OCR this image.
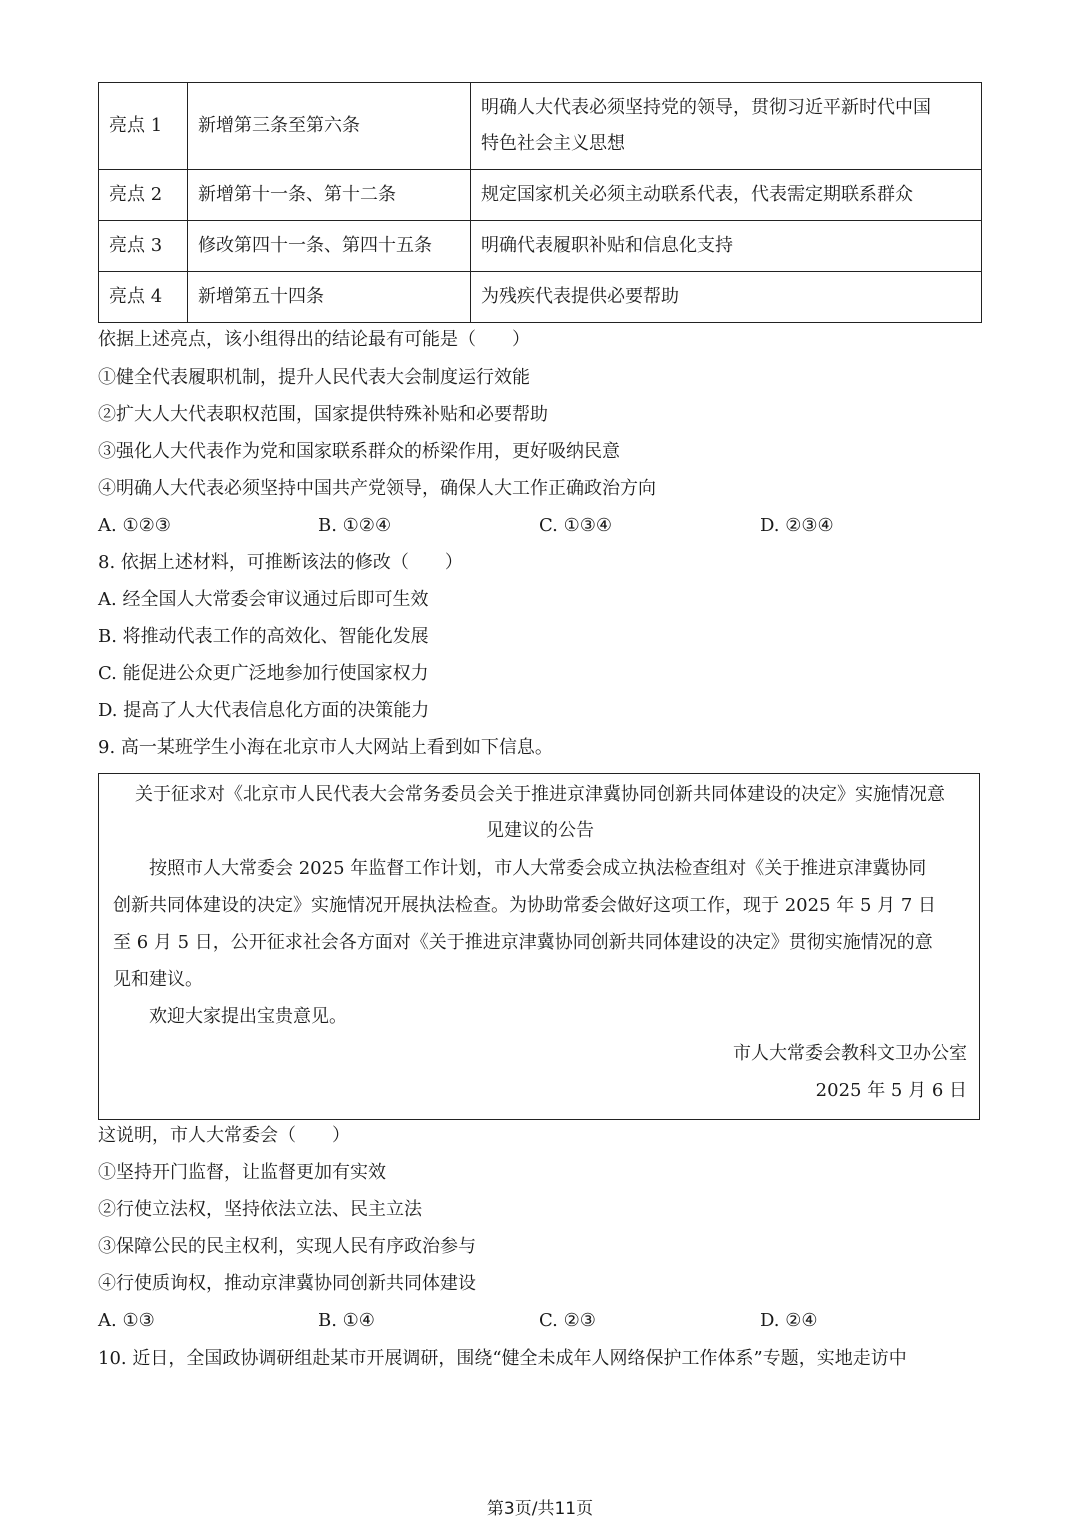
亮点 1	新增第三条至第六条	明确人大代表必须坚持党的领导，贯彻习近平新时代中国
特色社会主义思想

亮点 2	新增第十一条、第十二条	规定国家机关必须主动联系代表，代表需定期联系群众
亮点 3	修改第四十一条、第四十五条	明确代表履职补贴和信息化支持
亮点 4	新增第五十四条	为残疾代表提供必要帮助
依据上述亮点，该小组得出的结论最有可能是（　　）
①健全代表履职机制，提升人民代表大会制度运行效能
②扩大人大代表职权范围，国家提供特殊补贴和必要帮助
③强化人大代表作为党和国家联系群众的桥梁作用，更好吸纳民意
④明确人大代表必须坚持中国共产党领导，确保人大工作正确政治方向
A. ①②③	B. ①②④	C. ①③④	D. ②③④
8. 依据上述材料，可推断该法的修改（　　）
A. 经全国人大常委会审议通过后即可生效
B. 将推动代表工作的高效化、智能化发展
C. 能促进公众更广泛地参加行使国家权力
D. 提高了人大代表信息化方面的决策能力
9. 高一某班学生小海在北京市人大网站上看到如下信息。
关于征求对《北京市人民代表大会常务委员会关于推进京津冀协同创新共同体建设的决定》实施情况意
见建议的公告
　　按照市人大常委会 2025 年监督工作计划，市人大常委会成立执法检查组对《关于推进京津冀协同
创新共同体建设的决定》实施情况开展执法检查。为协助常委会做好这项工作，现于 2025 年 5 月 7 日
至 6 月 5 日，公开征求社会各方面对《关于推进京津冀协同创新共同体建设的决定》贯彻实施情况的意
见和建议。
　　欢迎大家提出宝贵意见。
市人大常委会教科文卫办公室
2025 年 5 月 6 日
这说明，市人大常委会（　　）
①坚持开门监督，让监督更加有实效
②行使立法权，坚持依法立法、民主立法
③保障公民的民主权利，实现人民有序政治参与
④行使质询权，推动京津冀协同创新共同体建设
A. ①③	B. ①④	C. ②③	D. ②④
10. 近日，全国政协调研组赴某市开展调研，围绕“健全未成年人网络保护工作体系”专题，实地走访中
第3页/共11页
